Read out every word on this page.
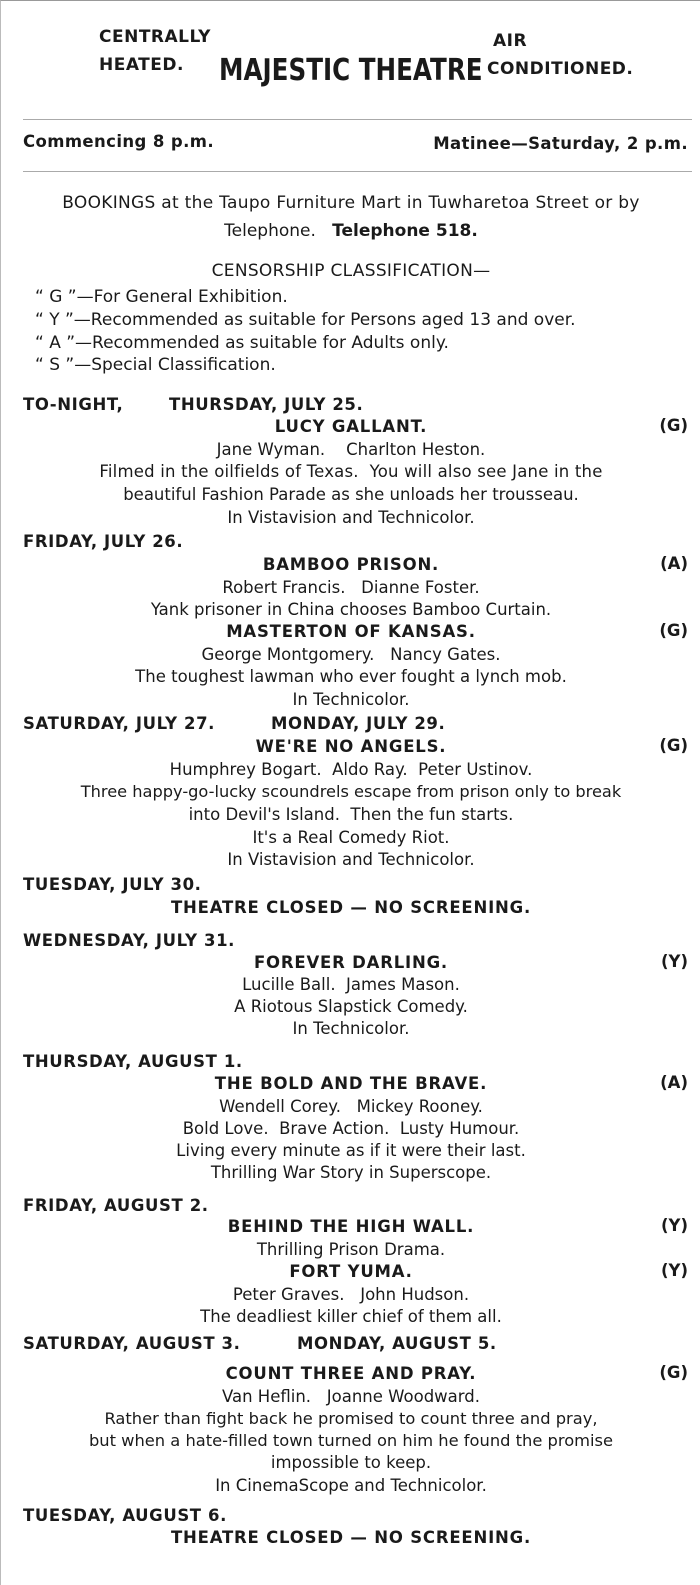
CENTRALLY
HEATED. MAJESTIC THEATRE
AIR
CONDITIONED.
Commencing 8 p.m.	Matinee—Saturday, 2 p.m.
BOOKINGS at the Taupo Furniture Mart in Tuwharetoa Street or by
Telephone. Telephone 518.
CENSORSHIP CLASSIFICATION—
“ G ”—For General Exhibition.
“ Y ”—Recommended as suitable for Persons aged 13 and over.
“ A ”—Recommended as suitable for Adults only.
“ S ”—Special Classification.
TO-NIGHT,	THURSDAY, JULY 25.
LUCY GALLANT.	(G)
Jane Wyman.    Charlton Heston.
Filmed in the oilfields of Texas.  You will also see Jane in the
beautiful Fashion Parade as she unloads her trousseau.
In Vistavision and Technicolor.
FRIDAY, JULY 26.
BAMBOO PRISON.	(A)
Robert Francis.   Dianne Foster.
Yank prisoner in China chooses Bamboo Curtain.
MASTERTON OF KANSAS.	(G)
George Montgomery.   Nancy Gates.
The toughest lawman who ever fought a lynch mob.
In Technicolor.
SATURDAY, JULY 27.	MONDAY, JULY 29.
WE'RE NO ANGELS.	(G)
Humphrey Bogart.  Aldo Ray.  Peter Ustinov.
Three happy-go-lucky scoundrels escape from prison only to break
into Devil's Island.  Then the fun starts.
It's a Real Comedy Riot.
In Vistavision and Technicolor.
TUESDAY, JULY 30.
THEATRE CLOSED — NO SCREENING.
WEDNESDAY, JULY 31.
FOREVER DARLING.	(Y)
Lucille Ball.  James Mason.
A Riotous Slapstick Comedy.
In Technicolor.
THURSDAY, AUGUST 1.
THE BOLD AND THE BRAVE.	(A)
Wendell Corey.   Mickey Rooney.
Bold Love.  Brave Action.  Lusty Humour.
Living every minute as if it were their last.
Thrilling War Story in Superscope.
FRIDAY, AUGUST 2.
BEHIND THE HIGH WALL.	(Y)
Thrilling Prison Drama.
FORT YUMA.	(Y)
Peter Graves.   John Hudson.
The deadliest killer chief of them all.
SATURDAY, AUGUST 3.	MONDAY, AUGUST 5.
COUNT THREE AND PRAY.	(G)
Van Heflin.   Joanne Woodward.
Rather than fight back he promised to count three and pray,
but when a hate-filled town turned on him he found the promise
impossible to keep.
In CinemaScope and Technicolor.
TUESDAY, AUGUST 6.
THEATRE CLOSED — NO SCREENING.
